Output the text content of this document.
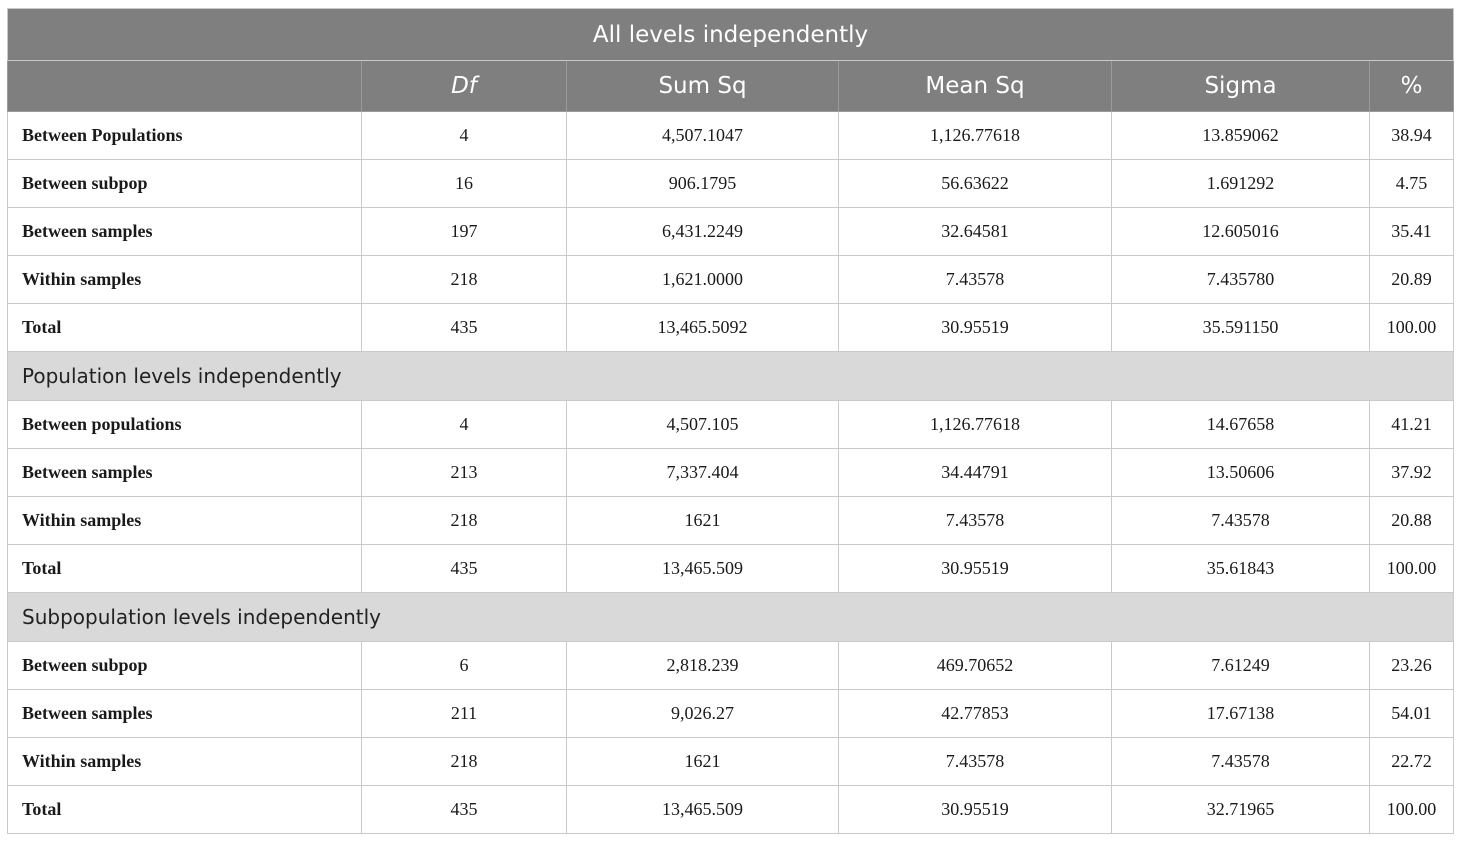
All levels independently					
	Df	Sum Sq	Mean Sq	Sigma	%
Between Populations	4	4,507.1047	1,126.77618	13.859062	38.94
Between subpop	16	906.1795	56.63622	1.691292	4.75
Between samples	197	6,431.2249	32.64581	12.605016	35.41
Within samples	218	1,621.0000	7.43578	7.435780	20.89
Total	435	13,465.5092	30.95519	35.591150	100.00
Population levels independently					
Between populations	4	4,507.105	1,126.77618	14.67658	41.21
Between samples	213	7,337.404	34.44791	13.50606	37.92
Within samples	218	1621	7.43578	7.43578	20.88
Total	435	13,465.509	30.95519	35.61843	100.00
Subpopulation levels independently					
Between subpop	6	2,818.239	469.70652	7.61249	23.26
Between samples	211	9,026.27	42.77853	17.67138	54.01
Within samples	218	1621	7.43578	7.43578	22.72
Total	435	13,465.509	30.95519	32.71965	100.00
